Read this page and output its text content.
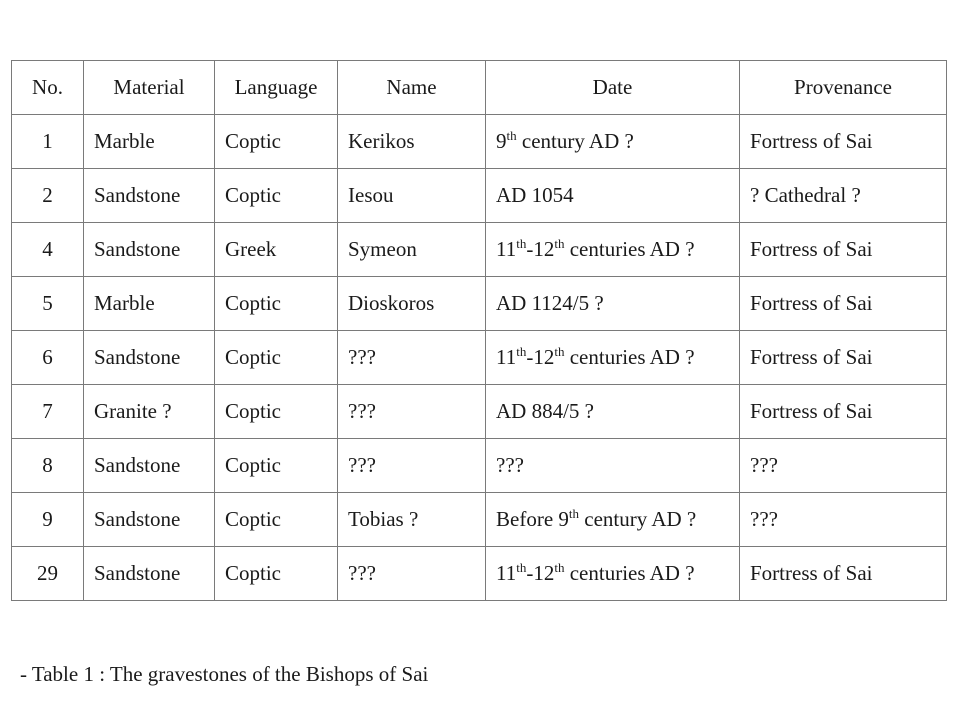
No.	Material	Language	Name	Date	Provenance
1	Marble	Coptic	Kerikos	9th century AD ?	Fortress of Sai
2	Sandstone	Coptic	Iesou	AD 1054	? Cathedral ?
4	Sandstone	Greek	Symeon	11th-12th centuries AD ?	Fortress of Sai
5	Marble	Coptic	Dioskoros	AD 1124/5 ?	Fortress of Sai
6	Sandstone	Coptic	???	11th-12th centuries AD ?	Fortress of Sai
7	Granite ?	Coptic	???	AD 884/5 ?	Fortress of Sai
8	Sandstone	Coptic	???	???	???
9	Sandstone	Coptic	Tobias ?	Before 9th century AD ?	???
29	Sandstone	Coptic	???	11th-12th centuries AD ?	Fortress of Sai
- Table 1 : The gravestones of the Bishops of Sai
